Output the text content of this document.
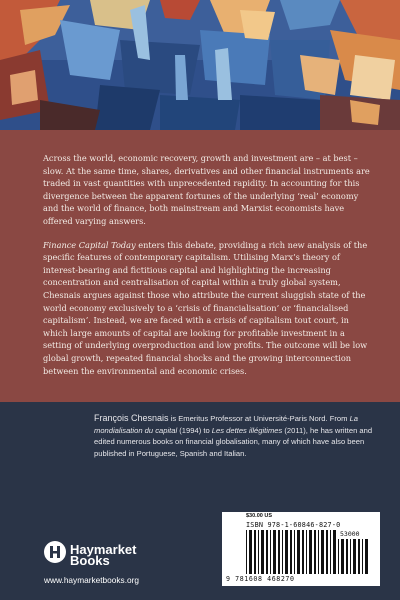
Across the world, economic recovery, growth and investment are – at best – slow. At the same time, shares, derivatives and other financial instruments are traded in vast quantities with unprecedented rapidity. In accounting for this divergence between the apparent fortunes of the underlying ‘real’ economy and the world of finance, both mainstream and Marxist economists have offered varying answers.

Finance Capital Today enters this debate, providing a rich new analysis of the specific features of contemporary capitalism. Utilising Marx’s theory of interest-bearing and fictitious capital and highlighting the increasing concentration and centralisation of capital within a truly global system, Chesnais argues against those who attribute the current sluggish state of the world economy exclusively to a ‘crisis of financialisation’ or ‘financialised capitalism’. Instead, we are faced with a crisis of capitalism tout court, in which large amounts of capital are looking for profitable investment in a setting of underlying overproduction and low profits. The outcome will be low global growth, repeated financial shocks and the growing interconnection between the environmental and economic crises.

François Chesnais is Emeritus Professor at Université-Paris Nord. From La mondialisation du capital (1994) to Les dettes illégitimes (2011), he has written and edited numerous books on financial globalisation, many of which have also been published in Portuguese, Spanish and Italian.

Haymarket
Books
www.haymarketbooks.org
$30.00 US
ISBN 978-1-60846-827-0
53000
9 781608 468270
